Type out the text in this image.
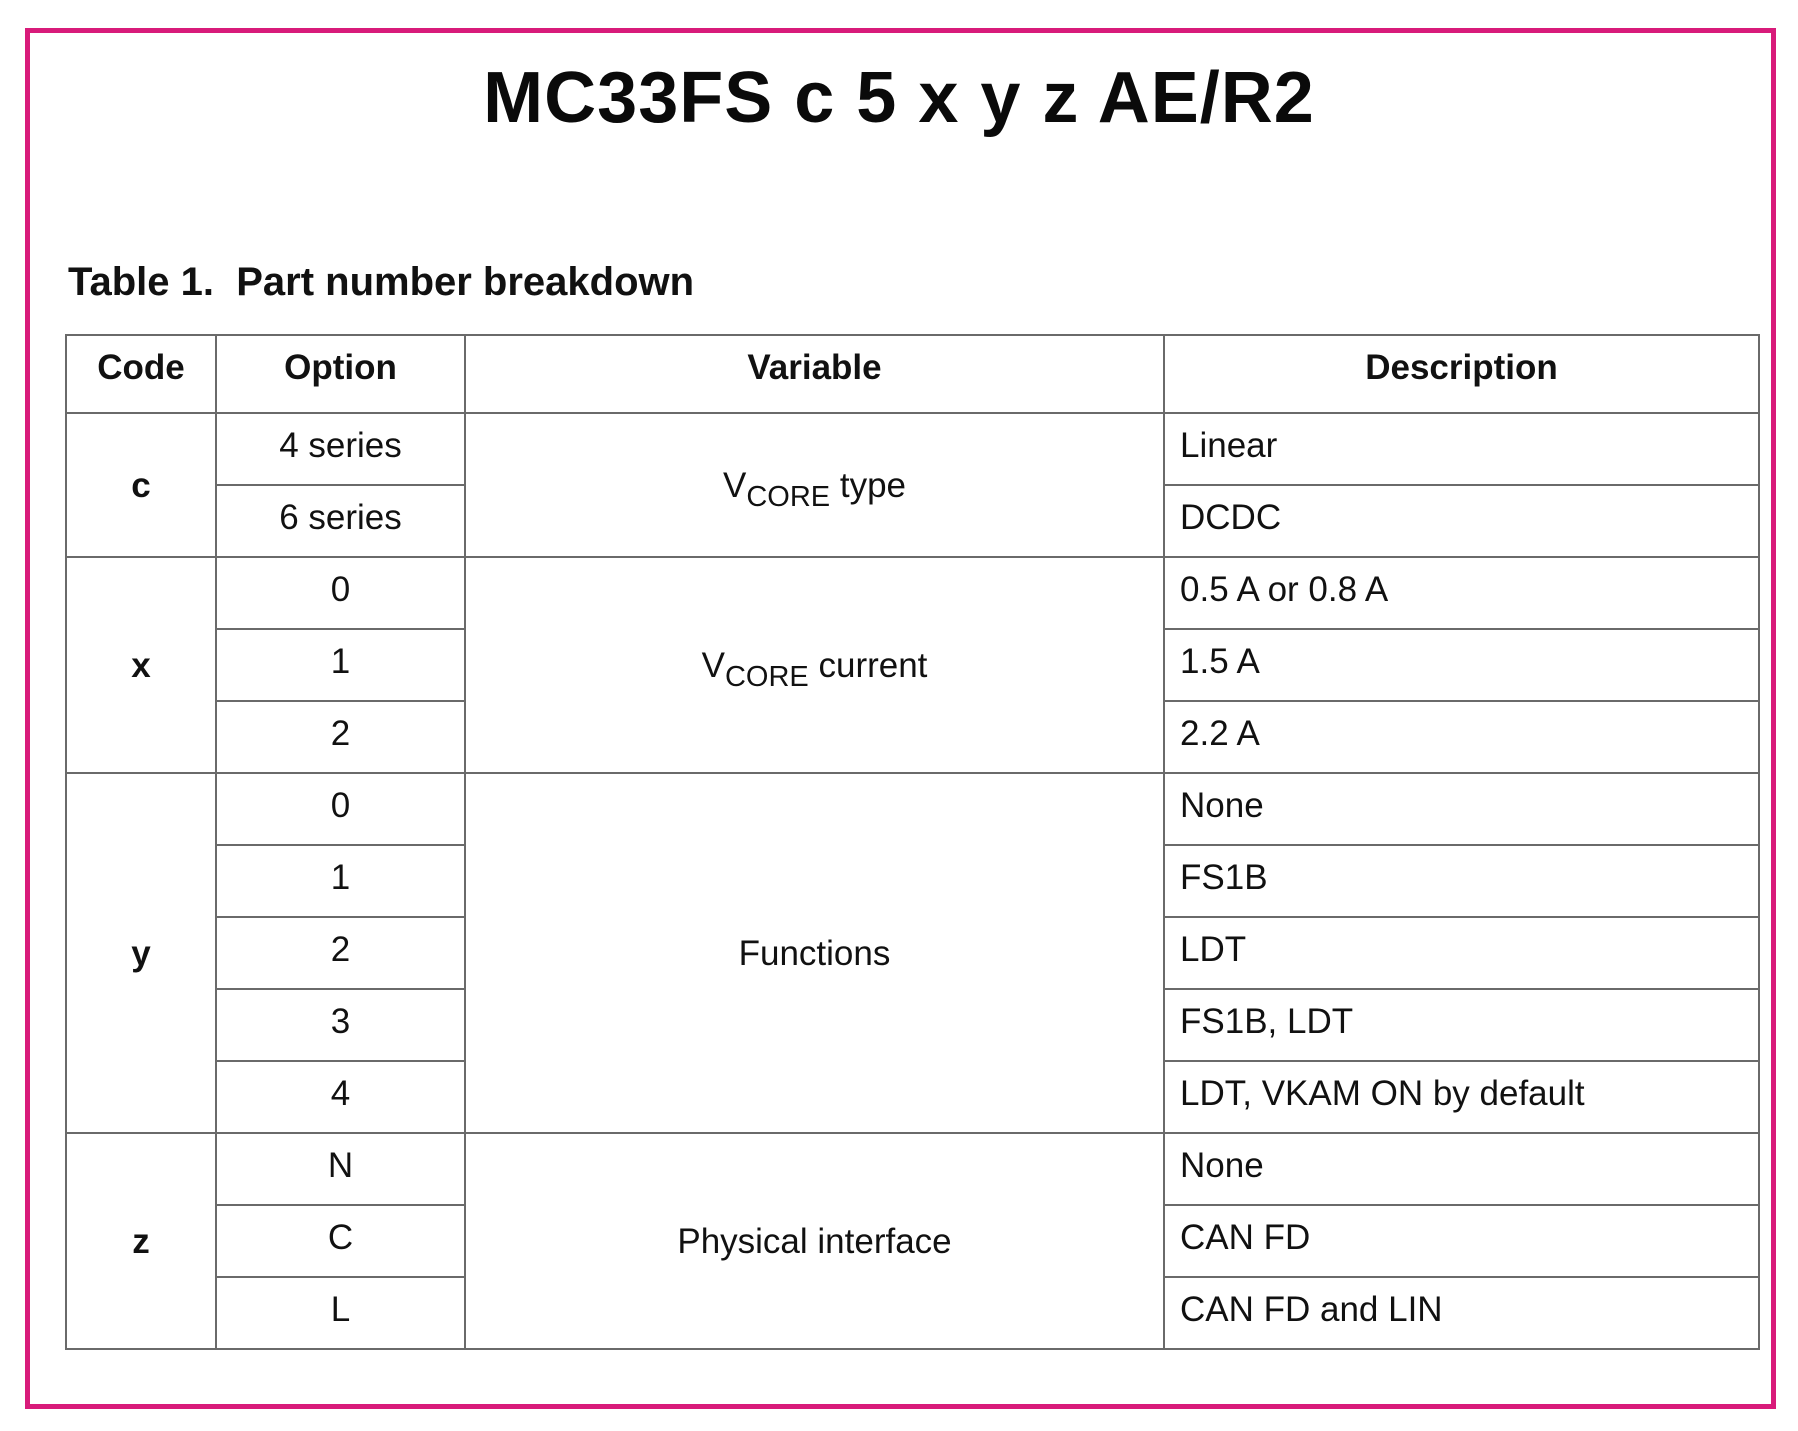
MC33FS c 5 x y z AE/R2
Table 1.  Part number breakdown
Code	Option	Variable	Description
c	4 series	$V_{CORE}$ type	Linear
	6 series		DCDC
x	0	$V_{CORE}$ current	0.5 A or 0.8 A
	1		1.5 A
	2		2.2 A
y	0	Functions	None
	1		FS1B
	2		LDT
	3		FS1B, LDT
	4		LDT, VKAM ON by default
z	N	Physical interface	None
	C		CAN FD
	L		CAN FD and LIN
